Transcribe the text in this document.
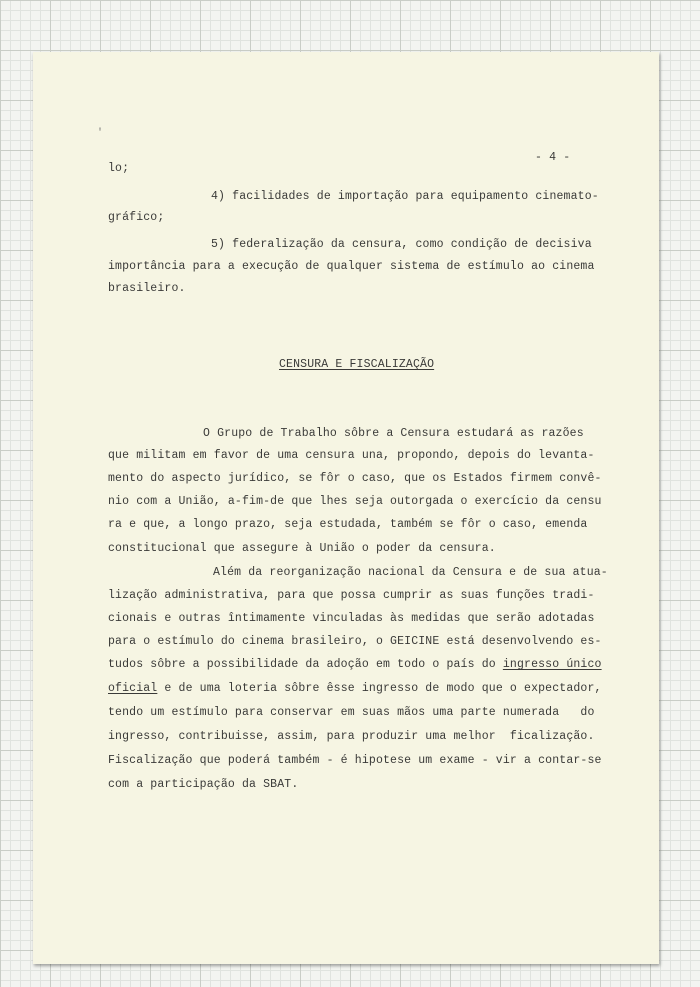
'

- 4 -

lo;

4) facilidades de importação para equipamento cinemato-

gráfico;

5) federalização da censura, como condição de decisiva

importância para a execução de qualquer sistema de estímulo ao cinema

brasileiro.

CENSURA E FISCALIZAÇÃO

O Grupo de Trabalho sôbre a Censura estudará as razões

que militam em favor de uma censura una, propondo, depois do levanta-

mento do aspecto jurídico, se fôr o caso, que os Estados firmem convê-

nio com a União, a-fim-de que lhes seja outorgada o exercício da censu

ra e que, a longo prazo, seja estudada, também se fôr o caso, emenda

constitucional que assegure à União o poder da censura.

Além da reorganização nacional da Censura e de sua atua-

lização administrativa, para que possa cumprir as suas funções tradi-

cionais e outras întimamente vinculadas às medidas que serão adotadas

para o estímulo do cinema brasileiro, o GEICINE está desenvolvendo es-

tudos sôbre a possibilidade da adoção em todo o país do ingresso único

oficial e de uma loteria sôbre êsse ingresso de modo que o expectador,

tendo um estímulo para conservar em suas mãos uma parte numerada   do

ingresso, contribuisse, assim, para produzir uma melhor  ficalização.

Fiscalização que poderá também - é hipotese um exame - vir a contar-se

com a participação da SBAT.
